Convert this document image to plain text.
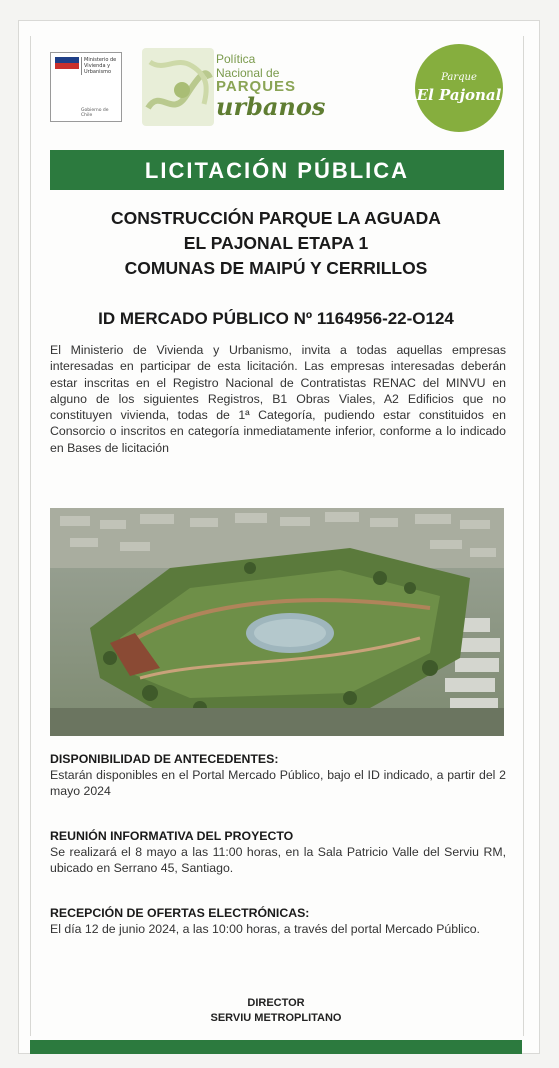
Ministerio de Vivienda y Urbanismo
Gobierno de Chile
Política
Nacional de
PARQUES
urbanos
Parque
El Pajonal
LICITACIÓN PÚBLICA
CONSTRUCCIÓN PARQUE LA AGUADA
EL PAJONAL ETAPA 1
COMUNAS DE MAIPÚ Y CERRILLOS
ID MERCADO PÚBLICO Nº 1164956-22-O124
El Ministerio de Vivienda y Urbanismo, invita a todas aquellas empresas interesadas en participar de esta licitación. Las empresas interesadas deberán estar inscritas en el Registro Nacional de Contratistas RENAC del MINVU en alguno de los siguientes Registros, B1 Obras Viales, A2 Edificios que no constituyen vivienda, todas de 1ª Categoría, pudiendo estar constituidos en Consorcio o inscritos en categoría inmediatamente inferior, conforme a lo indicado en Bases de licitación
DISPONIBILIDAD DE ANTECEDENTES:
Estarán disponibles en el Portal Mercado Público, bajo el ID indicado, a partir del 2 mayo 2024
REUNIÓN INFORMATIVA DEL PROYECTO
Se realizará el 8 mayo a las 11:00 horas, en la Sala Patricio Valle del Serviu RM, ubicado en Serrano 45, Santiago.
RECEPCIÓN DE OFERTAS ELECTRÓNICAS:
El día 12 de junio 2024, a las 10:00 horas, a través del portal Mercado Público.
DIRECTOR
SERVIU METROPLITANO
